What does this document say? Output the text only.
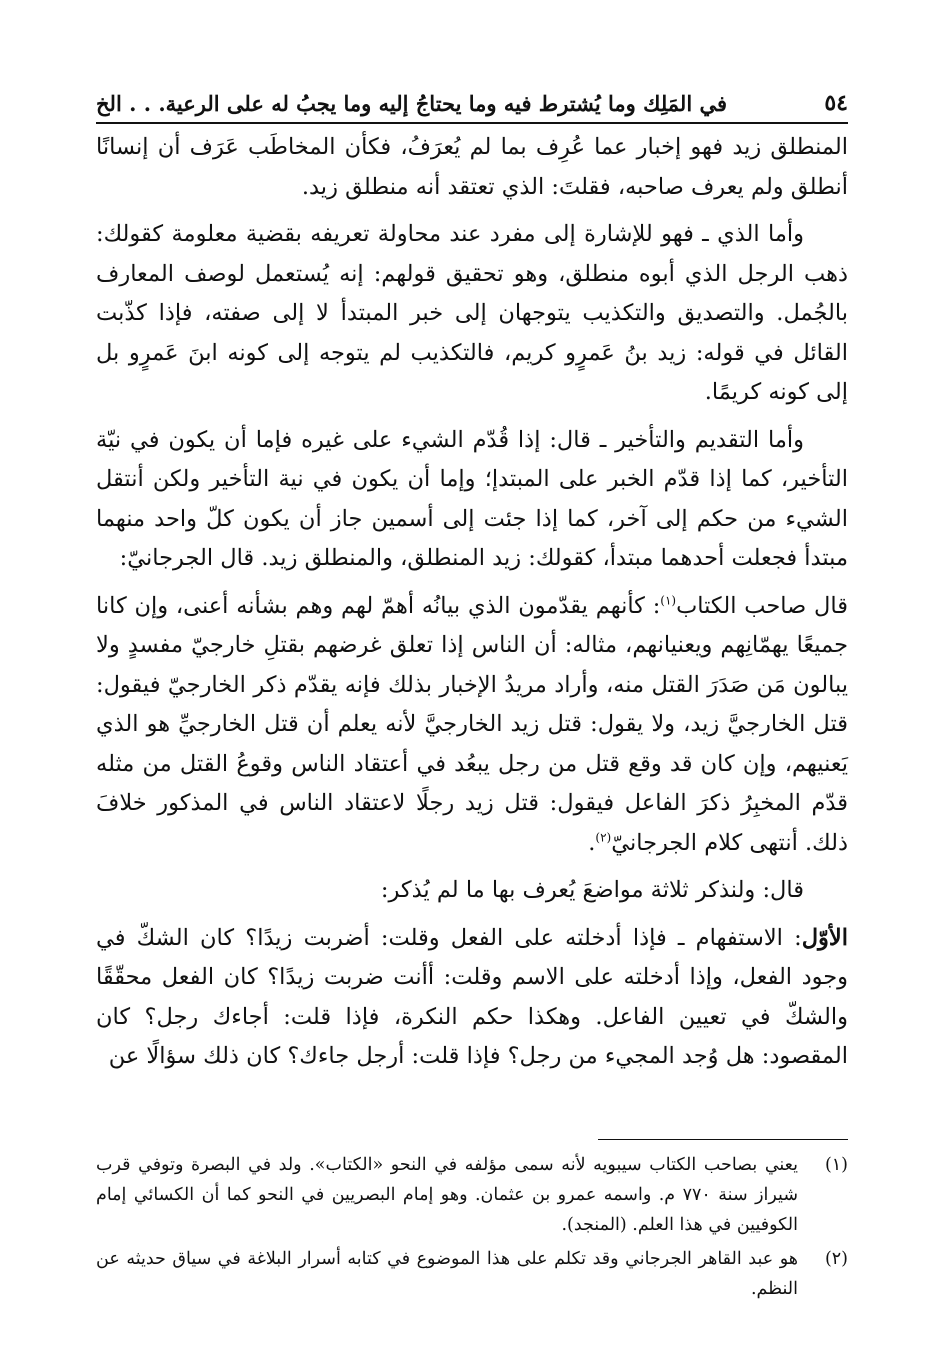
٥٤
في المَلِك وما يُشترط فيه وما يحتاجُ إليه وما يجبُ له على الرعية. . . الخ

المنطلق زيد فهو إخبار عما عُرِف بما لم يُعرَفُ، فكأن المخاطَب عَرَف أن إنسانًا أنطلق ولم يعرف صاحبه، فقلتَ: الذي تعتقد أنه منطلق زيد.

وأما الذي ـ فهو للإشارة إلى مفرد عند محاولة تعريفه بقضية معلومة كقولك: ذهب الرجل الذي أبوه منطلق، وهو تحقيق قولهم: إنه يُستعمل لوصف المعارف بالجُمل. والتصديق والتكذيب يتوجهان إلى خبر المبتدأ لا إلى صفته، فإذا كذّبت القائل في قوله: زيد بنُ عَمرٍو كريم، فالتكذيب لم يتوجه إلى كونه ابنَ عَمرٍو بل إلى كونه كريمًا.

وأما التقديم والتأخير ـ قال: إذا قُدّم الشيء على غيره فإما أن يكون في نيّة التأخير، كما إذا قدّم الخبر على المبتدإ؛ وإما أن يكون في نية التأخير ولكن أنتقل الشيء من حكم إلى آخر، كما إذا جئت إلى أسمين جاز أن يكون كلّ واحد منهما مبتدأ فجعلت أحدهما مبتدأ، كقولك: زيد المنطلق، والمنطلق زيد. قال الجرجانيّ:

قال صاحب الكتاب$^{(١)}$: كأنهم يقدّمون الذي بيانُه أهمّ لهم وهم بشأنه أعنى، وإن كانا جميعًا يهمّانِهم ويعنيانهم، مثاله: أن الناس إذا تعلق غرضهم بقتلِ خارجيّ مفسدٍ ولا يبالون مَن صَدَرَ القتل منه، وأراد مريدُ الإخبار بذلك فإنه يقدّم ذكر الخارجيّ فيقول: قتل الخارجيَّ زيد، ولا يقول: قتل زيد الخارجيَّ لأنه يعلم أن قتل الخارجيِّ هو الذي يَعنيهم، وإن كان قد وقع قتل من رجل يبعُد في أعتقاد الناس وقوعُ القتل من مثله قدّم المخبِرُ ذكرَ الفاعل فيقول: قتل زيد رجلًا لاعتقاد الناس في المذكور خلافَ ذلك. أنتهى كلام الجرجانيّ$^{(٢)}$.

قال: ولنذكر ثلاثة مواضعَ يُعرف بها ما لم يُذكر:

الأوّل: الاستفهام ـ فإذا أدخلته على الفعل وقلت: أضربت زيدًا؟ كان الشكّ في وجود الفعل، وإذا أدخلته على الاسم وقلت: أأنت ضربت زيدًا؟ كان الفعل محقّقًا والشكّ في تعيين الفاعل. وهكذا حكم النكرة، فإذا قلت: أجاءك رجل؟ كان المقصود: هل وُجد المجيء من رجل؟ فإذا قلت: أرجل جاءك؟ كان ذلك سؤالًا عن

(١)
يعني بصاحب الكتاب سيبويه لأنه سمى مؤلفه في النحو «الكتاب». ولد في البصرة وتوفي قرب شيراز سنة ٧٧٠ م. واسمه عمرو بن عثمان. وهو إمام البصريين في النحو كما أن الكسائي إمام الكوفيين في هذا العلم. (المنجد).
(٢)
هو عبد القاهر الجرجاني وقد تكلم على هذا الموضوع في كتابه أسرار البلاغة في سياق حديثه عن النظم.
